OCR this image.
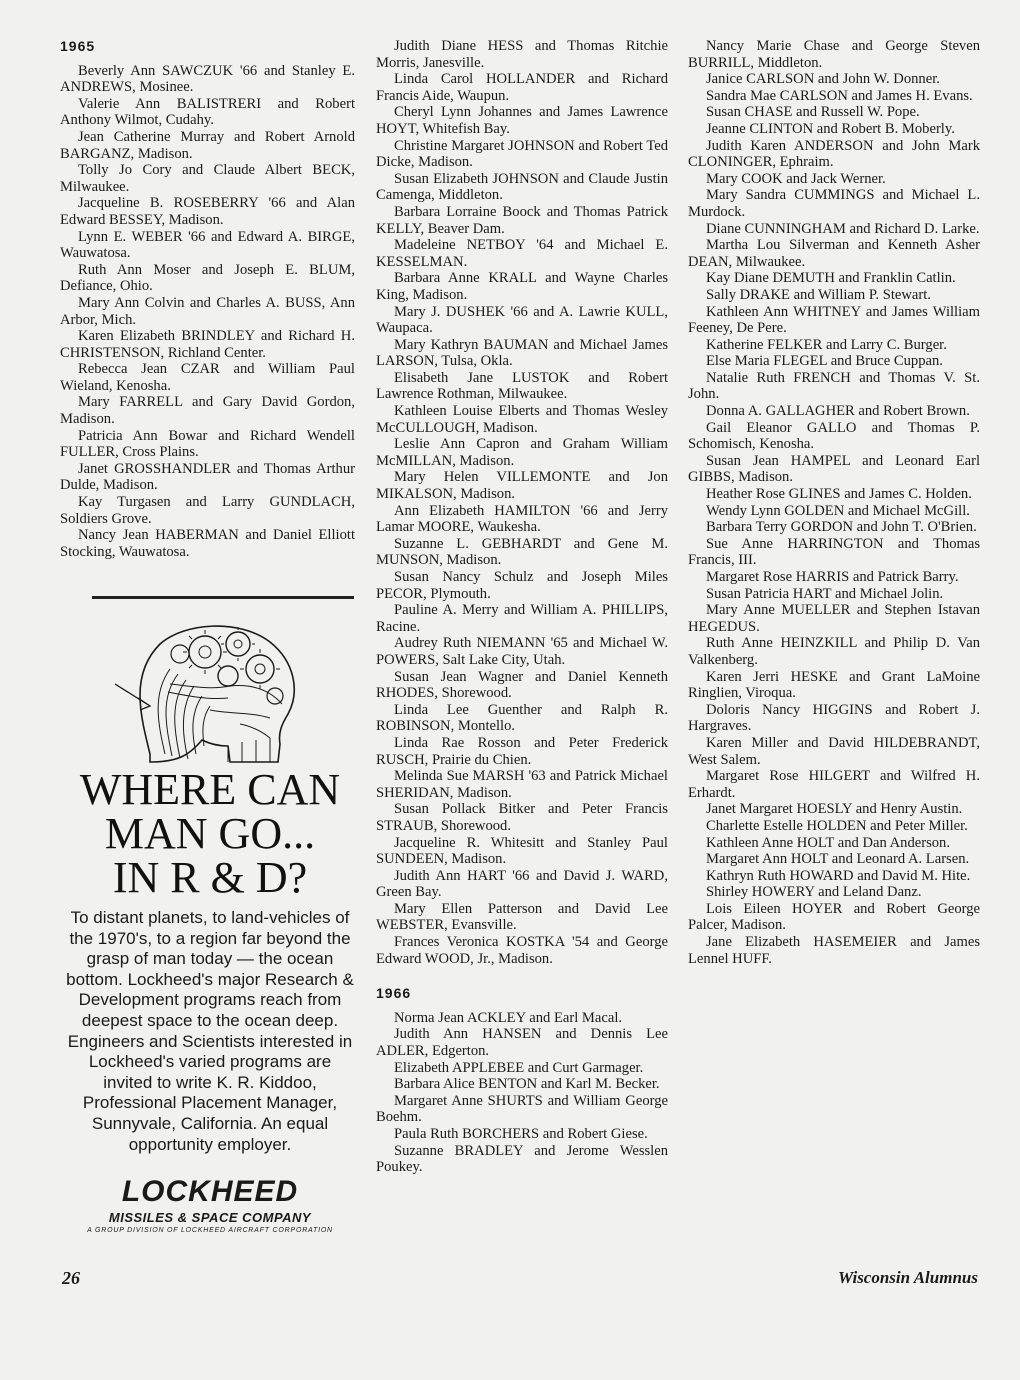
1965

Beverly Ann SAWCZUK '66 and Stanley E. ANDREWS, Mosinee.

Valerie Ann BALISTRERI and Robert Anthony Wilmot, Cudahy.

Jean Catherine Murray and Robert Arnold BARGANZ, Madison.

Tolly Jo Cory and Claude Albert BECK, Milwaukee.

Jacqueline B. ROSEBERRY '66 and Alan Edward BESSEY, Madison.

Lynn E. WEBER '66 and Edward A. BIRGE, Wauwatosa.

Ruth Ann Moser and Joseph E. BLUM, Defiance, Ohio.

Mary Ann Colvin and Charles A. BUSS, Ann Arbor, Mich.

Karen Elizabeth BRINDLEY and Richard H. CHRISTENSON, Richland Center.

Rebecca Jean CZAR and William Paul Wieland, Kenosha.

Mary FARRELL and Gary David Gordon, Madison.

Patricia Ann Bowar and Richard Wendell FULLER, Cross Plains.

Janet GROSSHANDLER and Thomas Arthur Dulde, Madison.

Kay Turgasen and Larry GUNDLACH, Soldiers Grove.

Nancy Jean HABERMAN and Daniel Elliott Stocking, Wauwatosa.

WHERE CAN
MAN GO...
IN R & D?
To distant planets, to land-vehicles of the 1970's, to a region far beyond the grasp of man today — the ocean bottom. Lockheed's major Research & Development programs reach from deepest space to the ocean deep. Engineers and Scientists interested in Lockheed's varied programs are invited to write K. R. Kiddoo, Professional Placement Manager, Sunnyvale, California. An equal opportunity employer.
LOCKHEED
MISSILES & SPACE COMPANY
A GROUP DIVISION OF LOCKHEED AIRCRAFT CORPORATION

Judith Diane HESS and Thomas Ritchie Morris, Janesville.

Linda Carol HOLLANDER and Richard Francis Aide, Waupun.

Cheryl Lynn Johannes and James Lawrence HOYT, Whitefish Bay.

Christine Margaret JOHNSON and Robert Ted Dicke, Madison.

Susan Elizabeth JOHNSON and Claude Justin Camenga, Middleton.

Barbara Lorraine Boock and Thomas Patrick KELLY, Beaver Dam.

Madeleine NETBOY '64 and Michael E. KESSELMAN.

Barbara Anne KRALL and Wayne Charles King, Madison.

Mary J. DUSHEK '66 and A. Lawrie KULL, Waupaca.

Mary Kathryn BAUMAN and Michael James LARSON, Tulsa, Okla.

Elisabeth Jane LUSTOK and Robert Lawrence Rothman, Milwaukee.

Kathleen Louise Elberts and Thomas Wesley McCULLOUGH, Madison.

Leslie Ann Capron and Graham William McMILLAN, Madison.

Mary Helen VILLEMONTE and Jon MIKALSON, Madison.

Ann Elizabeth HAMILTON '66 and Jerry Lamar MOORE, Waukesha.

Suzanne L. GEBHARDT and Gene M. MUNSON, Madison.

Susan Nancy Schulz and Joseph Miles PECOR, Plymouth.

Pauline A. Merry and William A. PHILLIPS, Racine.

Audrey Ruth NIEMANN '65 and Michael W. POWERS, Salt Lake City, Utah.

Susan Jean Wagner and Daniel Kenneth RHODES, Shorewood.

Linda Lee Guenther and Ralph R. ROBINSON, Montello.

Linda Rae Rosson and Peter Frederick RUSCH, Prairie du Chien.

Melinda Sue MARSH '63 and Patrick Michael SHERIDAN, Madison.

Susan Pollack Bitker and Peter Francis STRAUB, Shorewood.

Jacqueline R. Whitesitt and Stanley Paul SUNDEEN, Madison.

Judith Ann HART '66 and David J. WARD, Green Bay.

Mary Ellen Patterson and David Lee WEBSTER, Evansville.

Frances Veronica KOSTKA '54 and George Edward WOOD, Jr., Madison.

1966

Norma Jean ACKLEY and Earl Macal.

Judith Ann HANSEN and Dennis Lee ADLER, Edgerton.

Elizabeth APPLEBEE and Curt Garmager.

Barbara Alice BENTON and Karl M. Becker.

Margaret Anne SHURTS and William George Boehm.

Paula Ruth BORCHERS and Robert Giese.

Suzanne BRADLEY and Jerome Wesslen Poukey.

Nancy Marie Chase and George Steven BURRILL, Middleton.

Janice CARLSON and John W. Donner.

Sandra Mae CARLSON and James H. Evans.

Susan CHASE and Russell W. Pope.

Jeanne CLINTON and Robert B. Moberly.

Judith Karen ANDERSON and John Mark CLONINGER, Ephraim.

Mary COOK and Jack Werner.

Mary Sandra CUMMINGS and Michael L. Murdock.

Diane CUNNINGHAM and Richard D. Larke.

Martha Lou Silverman and Kenneth Asher DEAN, Milwaukee.

Kay Diane DEMUTH and Franklin Catlin.

Sally DRAKE and William P. Stewart.

Kathleen Ann WHITNEY and James William Feeney, De Pere.

Katherine FELKER and Larry C. Burger.

Else Maria FLEGEL and Bruce Cuppan.

Natalie Ruth FRENCH and Thomas V. St. John.

Donna A. GALLAGHER and Robert Brown.

Gail Eleanor GALLO and Thomas P. Schomisch, Kenosha.

Susan Jean HAMPEL and Leonard Earl GIBBS, Madison.

Heather Rose GLINES and James C. Holden.

Wendy Lynn GOLDEN and Michael McGill.

Barbara Terry GORDON and John T. O'Brien.

Sue Anne HARRINGTON and Thomas Francis, III.

Margaret Rose HARRIS and Patrick Barry.

Susan Patricia HART and Michael Jolin.

Mary Anne MUELLER and Stephen Istavan HEGEDUS.

Ruth Anne HEINZKILL and Philip D. Van Valkenberg.

Karen Jerri HESKE and Grant LaMoine Ringlien, Viroqua.

Doloris Nancy HIGGINS and Robert J. Hargraves.

Karen Miller and David HILDEBRANDT, West Salem.

Margaret Rose HILGERT and Wilfred H. Erhardt.

Janet Margaret HOESLY and Henry Austin.

Charlette Estelle HOLDEN and Peter Miller.

Kathleen Anne HOLT and Dan Anderson.

Margaret Ann HOLT and Leonard A. Larsen.

Kathryn Ruth HOWARD and David M. Hite.

Shirley HOWERY and Leland Danz.

Lois Eileen HOYER and Robert George Palcer, Madison.

Jane Elizabeth HASEMEIER and James Lennel HUFF.

26	Wisconsin Alumnus
